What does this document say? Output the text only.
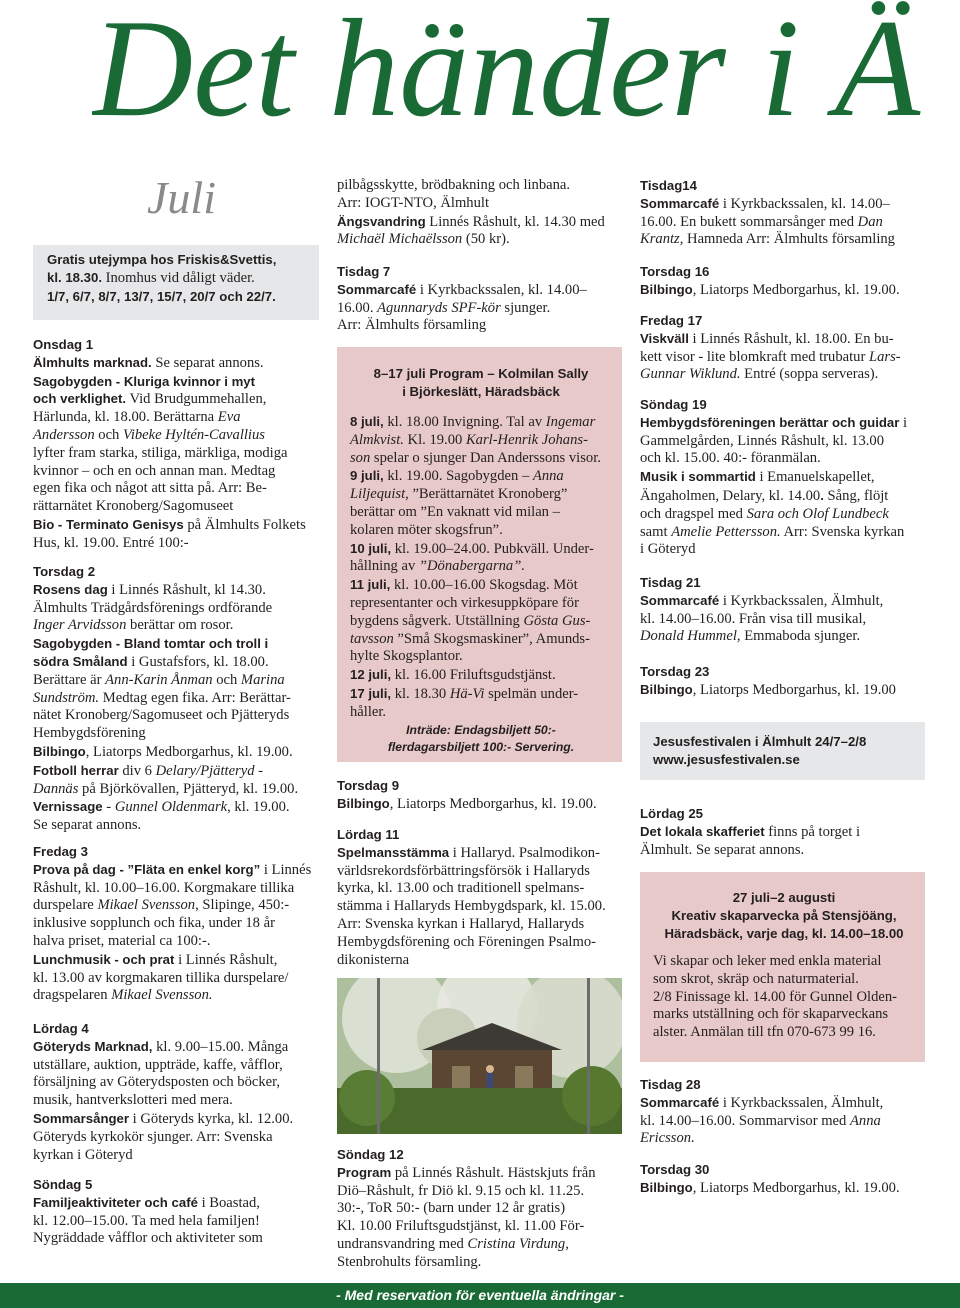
Det händer i Ä
Juli
Gratis utejympa hos Friskis&Svettis,
kl. 18.30. Inomhus vid dåligt väder.
1/7, 6/7, 8/7, 13/7, 15/7, 20/7 och 22/7.
Onsdag 1
Älmhults marknad. Se separat annons.
Sagobygden - Kluriga kvinnor i myt
och verklighet. Vid Brudgummehallen,
Härlunda, kl. 18.00. Berättarna Eva
Andersson och Vibeke Hyltén-Cavallius
lyfter fram starka, stiliga, märkliga, modiga
kvinnor – och en och annan man. Medtag
egen fika och något att sitta på. Arr: Be-
rättarnätet Kronoberg/Sagomuseet
Bio - Terminato Genisys på Älmhults Folkets
Hus, kl. 19.00. Entré 100:-
Torsdag 2
Rosens dag i Linnés Råshult, kl 14.30.
Älmhults Trädgårdsförenings ordförande
Inger Arvidsson berättar om rosor.
Sagobygden - Bland tomtar och troll i
södra Småland i Gustafsfors, kl. 18.00.
Berättare är Ann-Karin Ånman och Marina
Sundström. Medtag egen fika. Arr: Berättar-
nätet Kronoberg/Sagomuseet och Pjätteryds
Hembygdsförening
Bilbingo, Liatorps Medborgarhus, kl. 19.00.
Fotboll herrar div 6 Delary/Pjätteryd -
Dannäs på Björkövallen, Pjätteryd, kl. 19.00.
Vernissage - Gunnel Oldenmark, kl. 19.00.
Se separat annons.
Fredag 3
Prova på dag - ”Fläta en enkel korg” i Linnés
Råshult, kl. 10.00–16.00. Korgmakare tillika
durspelare Mikael Svensson, Slipinge, 450:-
inklusive sopplunch och fika, under 18 år
halva priset, material ca 100:-.
Lunchmusik - och prat i Linnés Råshult,
kl. 13.00 av korgmakaren tillika durspelare/
dragspelaren Mikael Svensson.
Lördag 4
Göteryds Marknad, kl. 9.00–15.00. Många
utställare, auktion, uppträde, kaffe, våfflor,
försäljning av Göterydsposten och böcker,
musik, hantverkslotteri med mera.
Sommarsånger i Göteryds kyrka, kl. 12.00.
Göteryds kyrkokör sjunger. Arr: Svenska
kyrkan i Göteryd
Söndag 5
Familjeaktiviteter och café i Boastad,
kl. 12.00–15.00. Ta med hela familjen!
Nygräddade våfflor och aktiviteter som
pilbågsskytte, brödbakning och linbana.
Arr: IOGT-NTO, Älmhult
Ängsvandring Linnés Råshult, kl. 14.30 med
Michaël Michaëlsson (50 kr).
Tisdag 7
Sommarcafé i Kyrkbackssalen, kl. 14.00–
16.00. Agunnaryds SPF-kör sjunger.
Arr: Älmhults församling
8–17 juli Program – Kolmilan Sally
i Björkeslätt, Häradsbäck
8 juli, kl. 18.00 Invigning. Tal av Ingemar
Almkvist. Kl. 19.00 Karl-Henrik Johans-
son spelar o sjunger Dan Anderssons visor.
9 juli, kl. 19.00. Sagobygden – Anna
Liljequist, ”Berättarnätet Kronoberg”
berättar om ”En vaknatt vid milan –
kolaren möter skogsfrun”.
10 juli, kl. 19.00–24.00. Pubkväll. Under-
hållning av ”Dönabergarna”.
11 juli, kl. 10.00–16.00 Skogsdag. Möt
representanter och virkesuppköpare för
bygdens sågverk. Utställning Gösta Gus-
tavsson ”Små Skogsmaskiner”, Amunds-
hylte Skogsplantor.
12 juli, kl. 16.00 Friluftsgudstjänst.
17 juli, kl. 18.30 Hä-Vi spelmän under-
håller.
Inträde: Endagsbiljett 50:-
flerdagarsbiljett 100:- Servering.
Torsdag 9
Bilbingo, Liatorps Medborgarhus, kl. 19.00.
Lördag 11
Spelmansstämma i Hallaryd. Psalmodikon-
världsrekordsförbättringsförsök i Hallaryds
kyrka, kl. 13.00 och traditionell spelmans-
stämma i Hallaryds Hembygdspark, kl. 15.00.
Arr: Svenska kyrkan i Hallaryd, Hallaryds
Hembygdsförening och Föreningen Psalmo-
dikonisterna
Söndag 12
Program på Linnés Råshult. Hästskjuts från
Diö–Råshult, fr Diö kl. 9.15 och kl. 11.25.
30:-, ToR 50:- (barn under 12 år gratis)
Kl. 10.00 Friluftsgudstjänst, kl. 11.00 För-
undransvandring med Cristina Virdung,
Stenbrohults församling.
Tisdag14
Sommarcafé i Kyrkbackssalen, kl. 14.00–
16.00. En bukett sommarsånger med Dan
Krantz, Hamneda Arr: Älmhults församling
Torsdag 16
Bilbingo, Liatorps Medborgarhus, kl. 19.00.
Fredag 17
Viskväll i Linnés Råshult, kl. 18.00. En bu-
kett visor - lite blomkraft med trubatur Lars-
Gunnar Wiklund. Entré (soppa serveras).
Söndag 19
Hembygdsföreningen berättar och guidar i
Gammelgården, Linnés Råshult, kl. 13.00
och kl. 15.00. 40:- föranmälan.
Musik i sommartid i Emanuelskapellet,
Ängaholmen, Delary, kl. 14.00. Sång, flöjt
och dragspel med Sara och Olof Lundbeck
samt Amelie Pettersson. Arr: Svenska kyrkan
i Göteryd
Tisdag 21
Sommarcafé i Kyrkbackssalen, Älmhult,
kl. 14.00–16.00. Från visa till musikal,
Donald Hummel, Emmaboda sjunger.
Torsdag 23
Bilbingo, Liatorps Medborgarhus, kl. 19.00
Jesusfestivalen i Älmhult 24/7–2/8
www.jesusfestivalen.se
Lördag 25
Det lokala skafferiet finns på torget i
Älmhult. Se separat annons.
27 juli–2 augusti
Kreativ skaparvecka på Stensjöäng,
Häradsbäck, varje dag, kl. 14.00–18.00
Vi skapar och leker med enkla material
som skrot, skräp och naturmaterial.
2/8 Finissage kl. 14.00 för Gunnel Olden-
marks utställning och för skaparveckans
alster. Anmälan till tfn 070-673 99 16.
Tisdag 28
Sommarcafé i Kyrkbackssalen, Älmhult,
kl. 14.00–16.00. Sommarvisor med Anna
Ericsson.
Torsdag 30
Bilbingo, Liatorps Medborgarhus, kl. 19.00.
- Med reservation för eventuella ändringar -
